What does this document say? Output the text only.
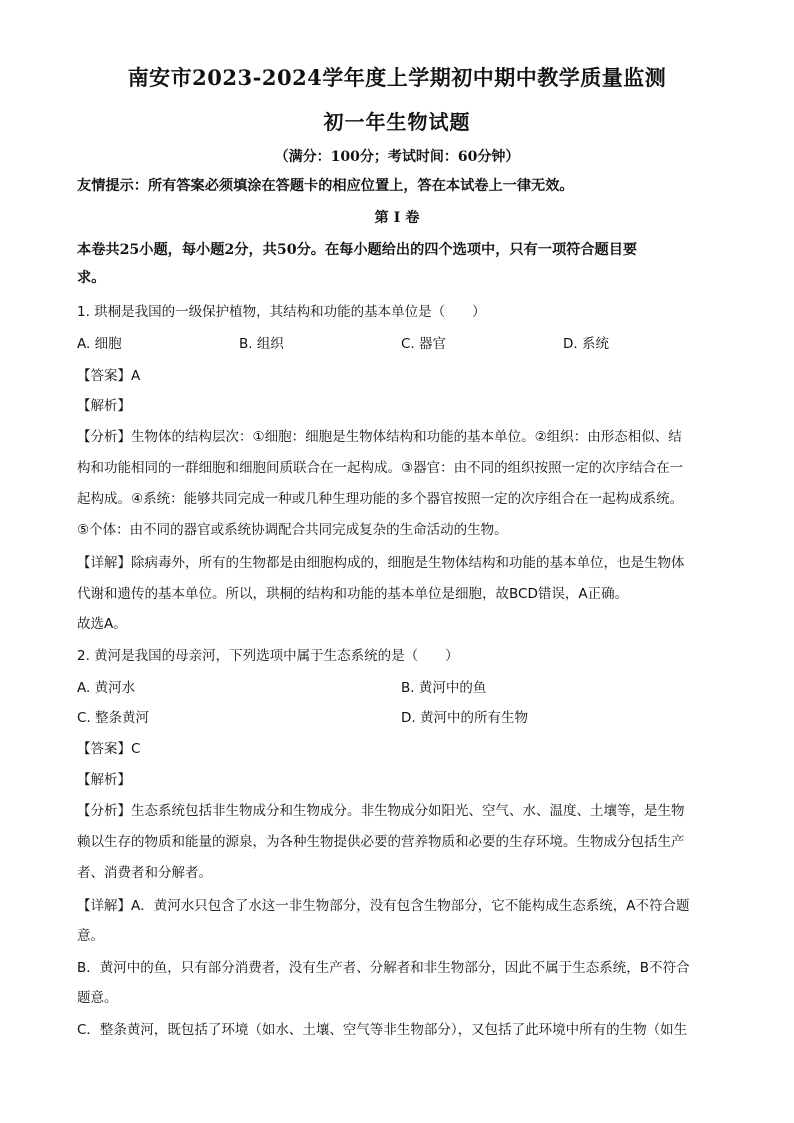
南安市2023-2024学年度上学期初中期中教学质量监测
初一年生物试题
（满分：100分；考试时间：60分钟）
友情提示：所有答案必须填涂在答题卡的相应位置上，答在本试卷上一律无效。
第 I 卷
本卷共25小题，每小题2分，共50分。在每小题给出的四个选项中，只有一项符合题目要
求。
1. 珙桐是我国的一级保护植物，其结构和功能的基本单位是（　　）
A. 细胞	B. 组织	C. 器官	D. 系统
【答案】A
【解析】
【分析】生物体的结构层次：①细胞：细胞是生物体结构和功能的基本单位。②组织：由形态相似、结
构和功能相同的一群细胞和细胞间质联合在一起构成。③器官：由不同的组织按照一定的次序结合在一
起构成。④系统：能够共同完成一种或几种生理功能的多个器官按照一定的次序组合在一起构成系统。
⑤个体：由不同的器官或系统协调配合共同完成复杂的生命活动的生物。
【详解】除病毒外，所有的生物都是由细胞构成的，细胞是生物体结构和功能的基本单位，也是生物体
代谢和遗传的基本单位。所以，珙桐的结构和功能的基本单位是细胞，故BCD错误，A正确。
故选A。
2. 黄河是我国的母亲河，下列选项中属于生态系统的是（　　）
A. 黄河水	B. 黄河中的鱼
C. 整条黄河	D. 黄河中的所有生物
【答案】C
【解析】
【分析】生态系统包括非生物成分和生物成分。非生物成分如阳光、空气、水、温度、土壤等，是生物
赖以生存的物质和能量的源泉，为各种生物提供必要的营养物质和必要的生存环境。生物成分包括生产
者、消费者和分解者。
【详解】A．黄河水只包含了水这一非生物部分，没有包含生物部分，它不能构成生态系统，A不符合题
意。
B．黄河中的鱼，只有部分消费者，没有生产者、分解者和非生物部分，因此不属于生态系统，B不符合
题意。
C．整条黄河，既包括了环境（如水、土壤、空气等非生物部分），又包括了此环境中所有的生物（如生
